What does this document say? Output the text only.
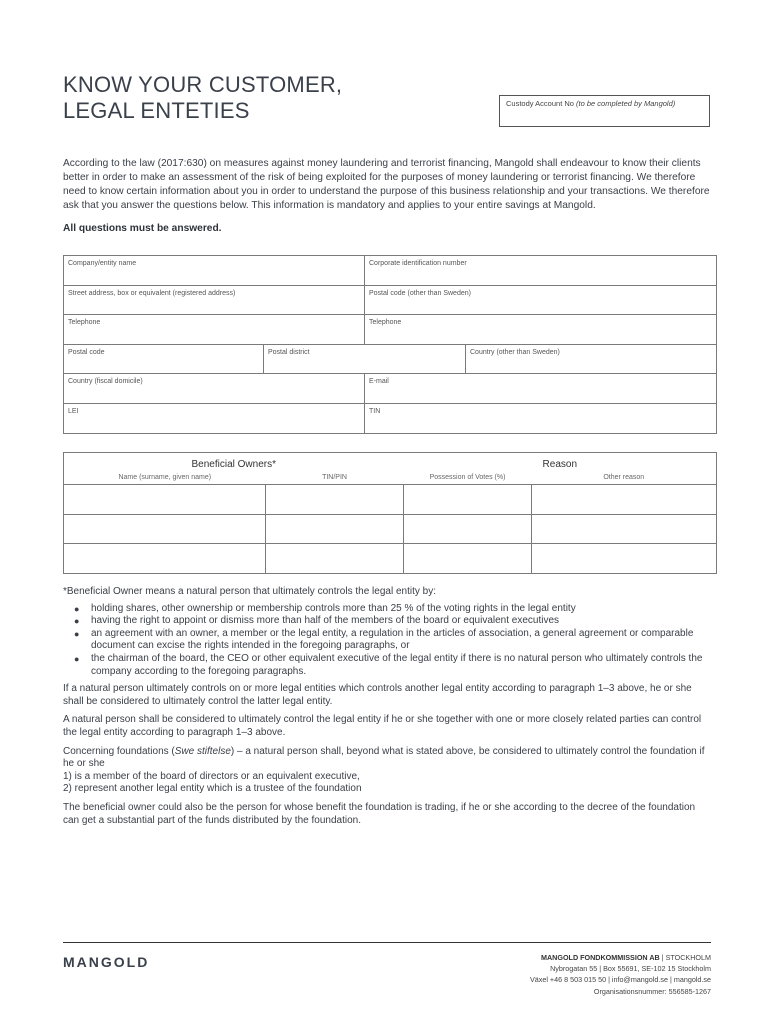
KNOW YOUR CUSTOMER,
LEGAL ENTETIES	Custody Account No (to be completed by Mangold)

According to the law (2017:630) on measures against money laundering and terrorist financing, Mangold shall endeavour to know their clients better in order to make an assessment of the risk of being exploited for the purposes of money laundering or terrorist financing. We therefore need to know certain information about you in order to understand the purpose of this business relationship and your transactions. We therefore ask that you answer the questions below. This information is mandatory and applies to your entire savings at Mangold.

All questions must be answered.

Company/entity name		Corporate identification number	
Street address, box or equivalent (registered address)		Postal code (other than Sweden)	
Telephone		Telephone	
Postal code	Postal district		Country (other than Sweden)
Country (fiscal domicile)		E-mail	
LEI		TIN	
Beneficial Owners*		Reason	
Name (surname, given name)	TIN/PIN	Possession of Votes (%)	Other reason

*Beneficial Owner means a natural person that ultimately controls the legal entity by:

● holding shares, other ownership or membership controls more than 25 % of the voting rights in the legal entity
● having the right to appoint or dismiss more than half of the members of the board or equivalent executives
● an agreement with an owner, a member or the legal entity, a regulation in the articles of association, a general agreement or comparable document can excise the rights intended in the foregoing paragraphs, or
● the chairman of the board, the CEO or other equivalent executive of the legal entity if there is no natural person who ultimately controls the company according to the foregoing paragraphs.

If a natural person ultimately controls on or more legal entities which controls another legal entity according to paragraph 1–3 above, he or she shall be considered to ultimately control the latter legal entity.

A natural person shall be considered to ultimately control the legal entity if he or she together with one or more closely related parties can control the legal entity according to paragraph 1–3 above.

Concerning foundations (Swe stiftelse) – a natural person shall, beyond what is stated above, be considered to ultimately control the foundation if he or she
1) is a member of the board of directors or an equivalent executive,
2) represent another legal entity which is a trustee of the foundation

The beneficial owner could also be the person for whose benefit the foundation is trading, if he or she according to the decree of the foundation can get a substantial part of the funds distributed by the foundation.

MANGOLD	MANGOLD FONDKOMMISSION AB | STOCKHOLM
Nybrogatan 55 | Box 55691, SE-102 15 Stockholm
Växel +46 8 503 015 50 | info@mangold.se | mangold.se
Organisationsnummer: 556585-1267
